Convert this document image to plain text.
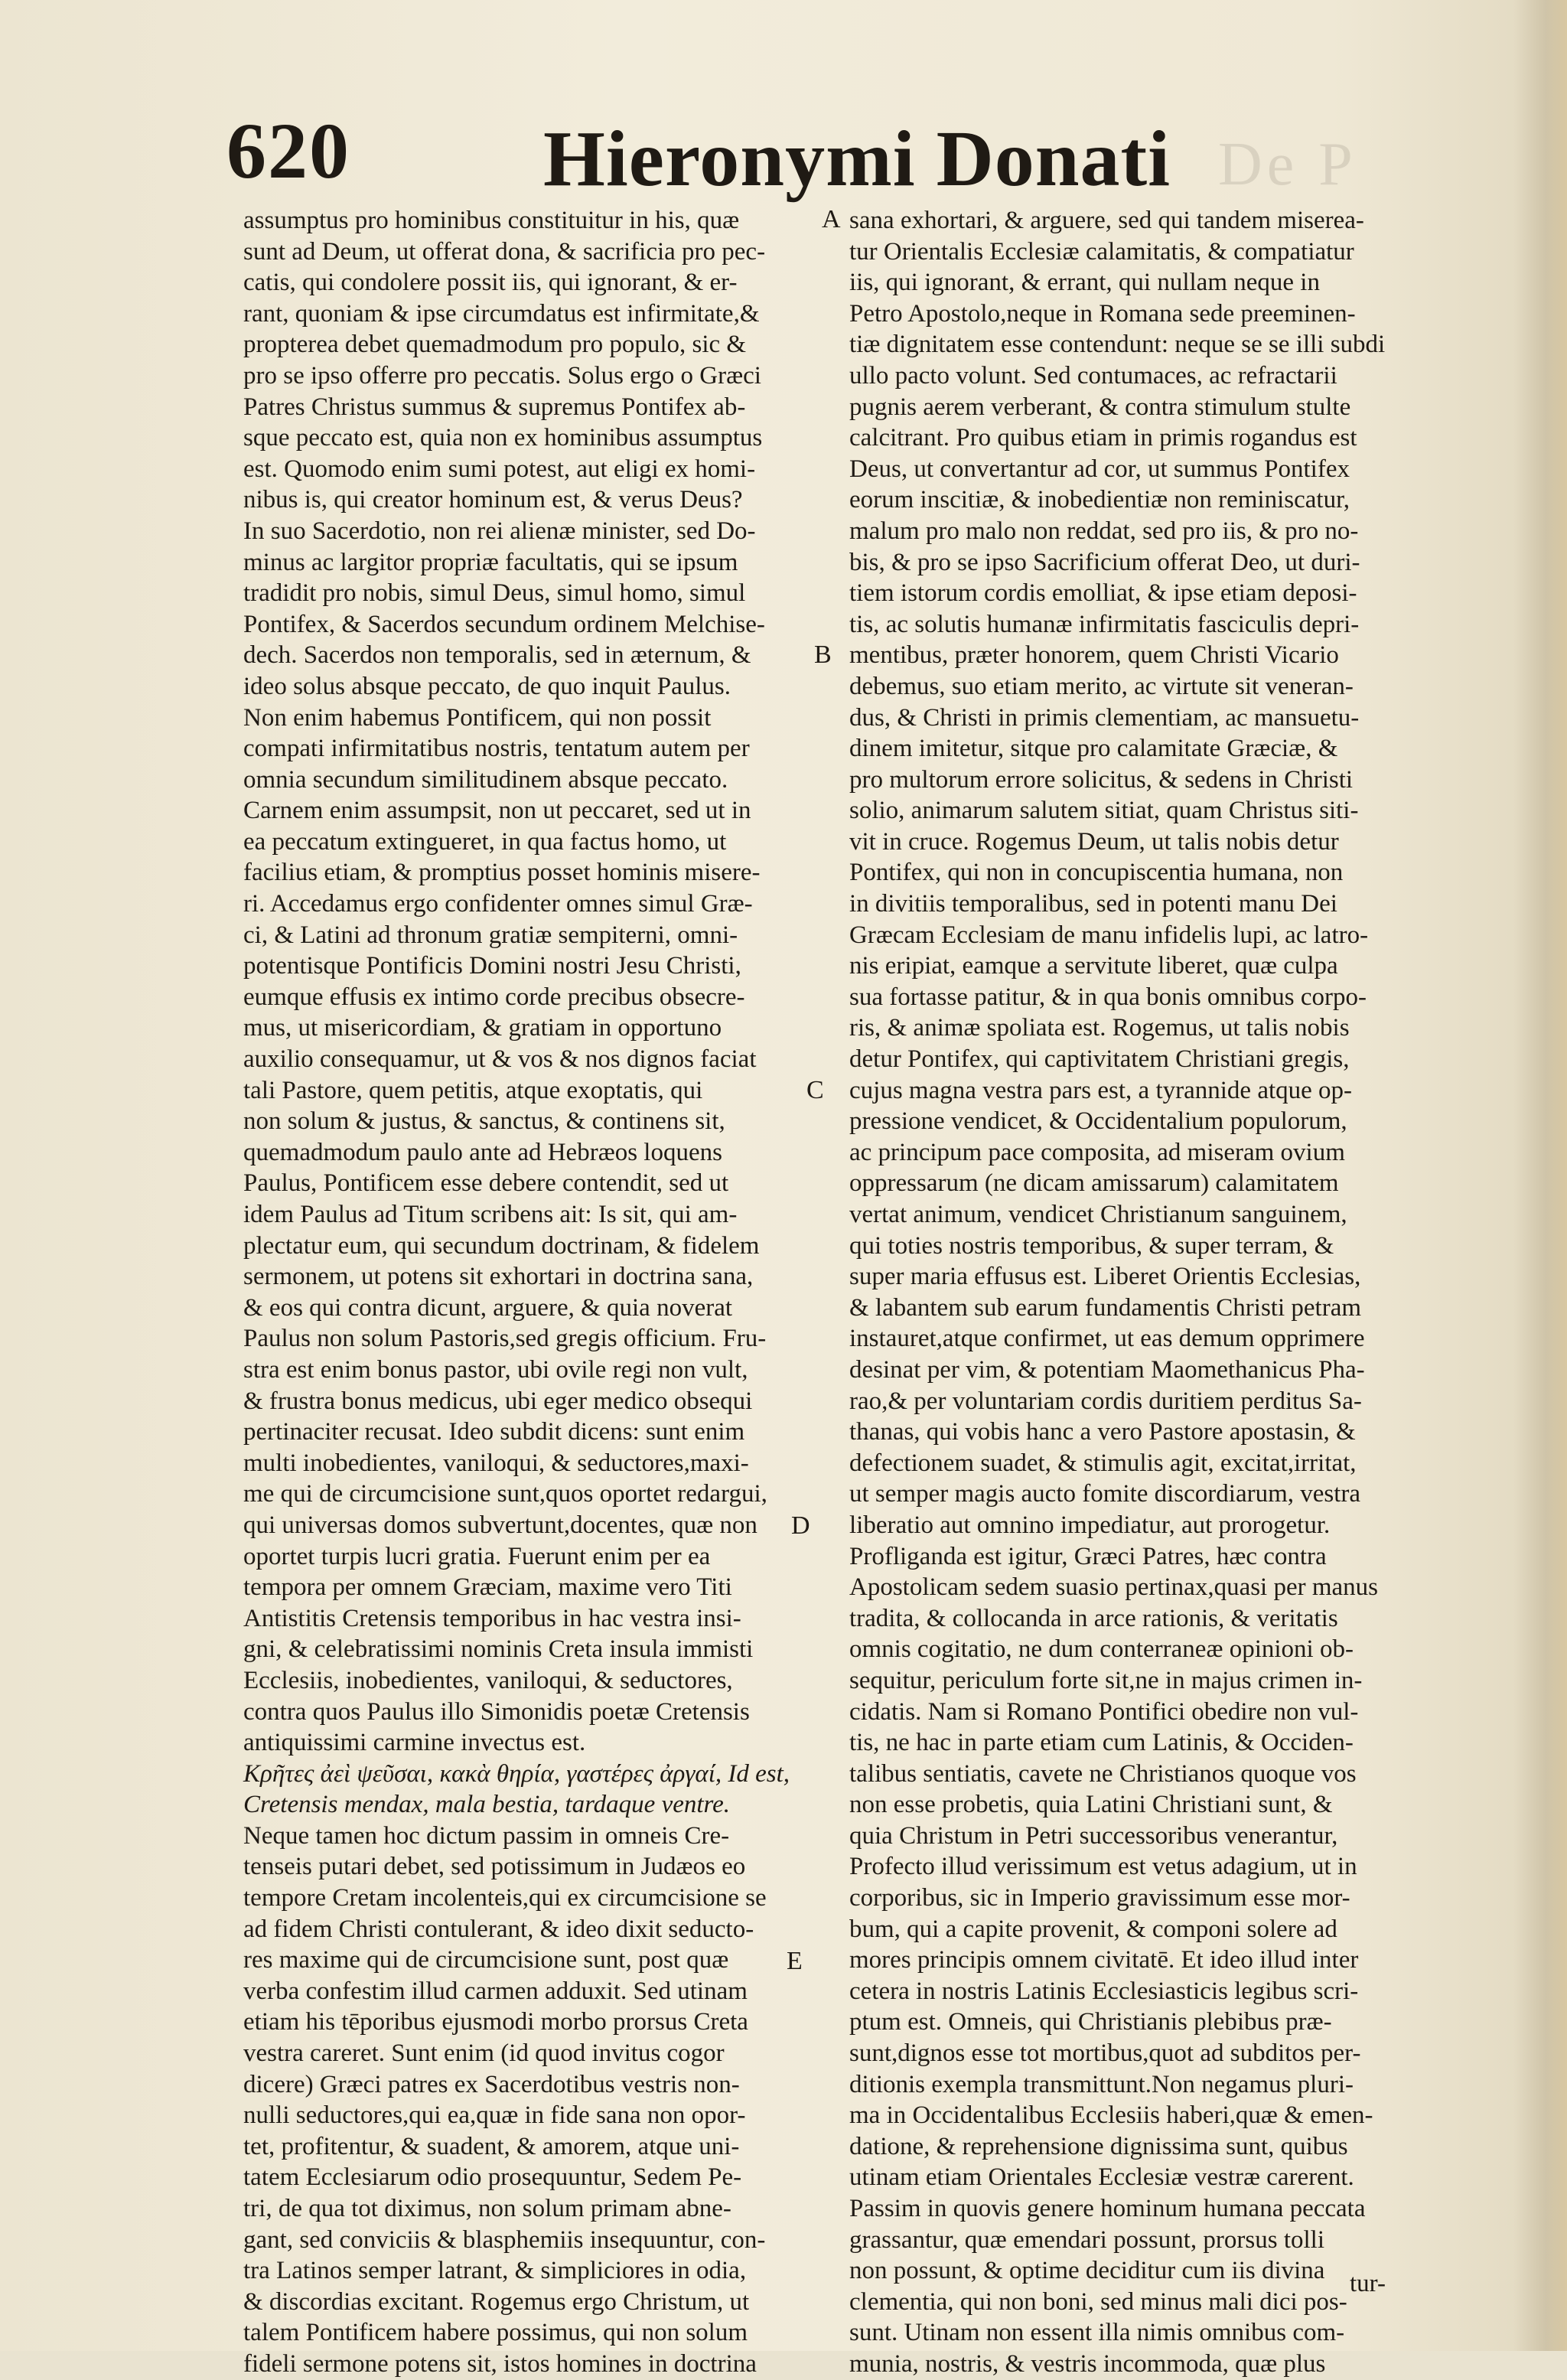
620 Hieronymi Donati De P
assumptus pro hominibus constituitur in his, quæ
sunt ad Deum, ut offerat dona, & sacrificia pro pec-
catis, qui condolere possit iis, qui ignorant, & er-
rant, quoniam & ipse circumdatus est infirmitate,&
propterea debet quemadmodum pro populo, sic &
pro se ipso offerre pro peccatis. Solus ergo o Græci
Patres Christus summus & supremus Pontifex ab-
sque peccato est, quia non ex hominibus assumptus
est. Quomodo enim sumi potest, aut eligi ex homi-
nibus is, qui creator hominum est, & verus Deus?
In suo Sacerdotio, non rei alienæ minister, sed Do-
minus ac largitor propriæ facultatis, qui se ipsum
tradidit pro nobis, simul Deus, simul homo, simul
Pontifex, & Sacerdos secundum ordinem Melchise-
dech. Sacerdos non temporalis, sed in æternum, &
ideo solus absque peccato, de quo inquit Paulus.
Non enim habemus Pontificem, qui non possit
compati infirmitatibus nostris, tentatum autem per
omnia secundum similitudinem absque peccato.
Carnem enim assumpsit, non ut peccaret, sed ut in
ea peccatum extingueret, in qua factus homo, ut
facilius etiam, & promptius posset hominis misere-
ri. Accedamus ergo confidenter omnes simul Græ-
ci, & Latini ad thronum gratiæ sempiterni, omni-
potentisque Pontificis Domini nostri Jesu Christi,
eumque effusis ex intimo corde precibus obsecre-
mus, ut misericordiam, & gratiam in opportuno
auxilio consequamur, ut & vos & nos dignos faciat
tali Pastore, quem petitis, atque exoptatis, qui
non solum & justus, & sanctus, & continens sit,
quemadmodum paulo ante ad Hebræos loquens
Paulus, Pontificem esse debere contendit, sed ut
idem Paulus ad Titum scribens ait: Is sit, qui am-
plectatur eum, qui secundum doctrinam, & fidelem
sermonem, ut potens sit exhortari in doctrina sana,
& eos qui contra dicunt, arguere, & quia noverat
Paulus non solum Pastoris,sed gregis officium. Fru-
stra est enim bonus pastor, ubi ovile regi non vult,
& frustra bonus medicus, ubi eger medico obsequi
pertinaciter recusat. Ideo subdit dicens: sunt enim
multi inobedientes, vaniloqui, & seductores,maxi-
me qui de circumcisione sunt,quos oportet redargui,
qui universas domos subvertunt,docentes, quæ non
oportet turpis lucri gratia. Fuerunt enim per ea
tempora per omnem Græciam, maxime vero Titi
Antistitis Cretensis temporibus in hac vestra insi-
gni, & celebratissimi nominis Creta insula immisti
Ecclesiis, inobedientes, vaniloqui, & seductores,
contra quos Paulus illo Simonidis poetæ Cretensis
antiquissimi carmine invectus est.
Κρῆτες ἀεὶ ψεῦσαι, κακὰ θηρία, γαστέρες ἀργαί, Id est,
Cretensis mendax, mala bestia, tardaque ventre.
Neque tamen hoc dictum passim in omneis Cre-
tenseis putari debet, sed potissimum in Judæos eo
tempore Cretam incolenteis,qui ex circumcisione se
ad fidem Christi contulerant, & ideo dixit seducto-
res maxime qui de circumcisione sunt, post quæ
verba confestim illud carmen adduxit. Sed utinam
etiam his tēporibus ejusmodi morbo prorsus Creta
vestra careret. Sunt enim (id quod invitus cogor
dicere) Græci patres ex Sacerdotibus vestris non-
nulli seductores,qui ea,quæ in fide sana non opor-
tet, profitentur, & suadent, & amorem, atque uni-
tatem Ecclesiarum odio prosequuntur, Sedem Pe-
tri, de qua tot diximus, non solum primam abne-
gant, sed conviciis & blasphemiis insequuntur, con-
tra Latinos semper latrant, & simpliciores in odia,
& discordias excitant. Rogemus ergo Christum, ut
talem Pontificem habere possimus, qui non solum
fideli sermone potens sit, istos homines in doctrina
sana exhortari, & arguere, sed qui tandem miserea-
tur Orientalis Ecclesiæ calamitatis, & compatiatur
iis, qui ignorant, & errant, qui nullam neque in
Petro Apostolo,neque in Romana sede preeminen-
tiæ dignitatem esse contendunt: neque se se illi subdi
ullo pacto volunt. Sed contumaces, ac refractarii
pugnis aerem verberant, & contra stimulum stulte
calcitrant. Pro quibus etiam in primis rogandus est
Deus, ut convertantur ad cor, ut summus Pontifex
eorum inscitiæ, & inobedientiæ non reminiscatur,
malum pro malo non reddat, sed pro iis, & pro no-
bis, & pro se ipso Sacrificium offerat Deo, ut duri-
tiem istorum cordis emolliat, & ipse etiam deposi-
tis, ac solutis humanæ infirmitatis fasciculis depri-
mentibus, præter honorem, quem Christi Vicario
debemus, suo etiam merito, ac virtute sit veneran-
dus, & Christi in primis clementiam, ac mansuetu-
dinem imitetur, sitque pro calamitate Græciæ, &
pro multorum errore solicitus, & sedens in Christi
solio, animarum salutem sitiat, quam Christus siti-
vit in cruce. Rogemus Deum, ut talis nobis detur
Pontifex, qui non in concupiscentia humana, non
in divitiis temporalibus, sed in potenti manu Dei
Græcam Ecclesiam de manu infidelis lupi, ac latro-
nis eripiat, eamque a servitute liberet, quæ culpa
sua fortasse patitur, & in qua bonis omnibus corpo-
ris, & animæ spoliata est. Rogemus, ut talis nobis
detur Pontifex, qui captivitatem Christiani gregis,
cujus magna vestra pars est, a tyrannide atque op-
pressione vendicet, & Occidentalium populorum,
ac principum pace composita, ad miseram ovium
oppressarum (ne dicam amissarum) calamitatem
vertat animum, vendicet Christianum sanguinem,
qui toties nostris temporibus, & super terram, &
super maria effusus est. Liberet Orientis Ecclesias,
& labantem sub earum fundamentis Christi petram
instauret,atque confirmet, ut eas demum opprimere
desinat per vim, & potentiam Maomethanicus Pha-
rao,& per voluntariam cordis duritiem perditus Sa-
thanas, qui vobis hanc a vero Pastore apostasin, &
defectionem suadet, & stimulis agit, excitat,irritat,
ut semper magis aucto fomite discordiarum, vestra
liberatio aut omnino impediatur, aut prorogetur.
Profliganda est igitur, Græci Patres, hæc contra
Apostolicam sedem suasio pertinax,quasi per manus
tradita, & collocanda in arce rationis, & veritatis
omnis cogitatio, ne dum conterraneæ opinioni ob-
sequitur, periculum forte sit,ne in majus crimen in-
cidatis. Nam si Romano Pontifici obedire non vul-
tis, ne hac in parte etiam cum Latinis, & Occiden-
talibus sentiatis, cavete ne Christianos quoque vos
non esse probetis, quia Latini Christiani sunt, &
quia Christum in Petri successoribus venerantur,
Profecto illud verissimum est vetus adagium, ut in
corporibus, sic in Imperio gravissimum esse mor-
bum, qui a capite provenit, & componi solere ad
mores principis omnem civitatē. Et ideo illud inter
cetera in nostris Latinis Ecclesiasticis legibus scri-
ptum est. Omneis, qui Christianis plebibus præ-
sunt,dignos esse tot mortibus,quot ad subditos per-
ditionis exempla transmittunt.Non negamus pluri-
ma in Occidentalibus Ecclesiis haberi,quæ & emen-
datione, & reprehensione dignissima sunt, quibus
utinam etiam Orientales Ecclesiæ vestræ carerent.
Passim in quovis genere hominum humana peccata
grassantur, quæ emendari possunt, prorsus tolli
non possunt, & optime deciditur cum iis divina
clementia, qui non boni, sed minus mali dici pos-
sunt. Utinam non essent illa nimis omnibus com-
munia, nostris, & vestris incommoda, quæ plus
A
B
C
D
E
tur-
